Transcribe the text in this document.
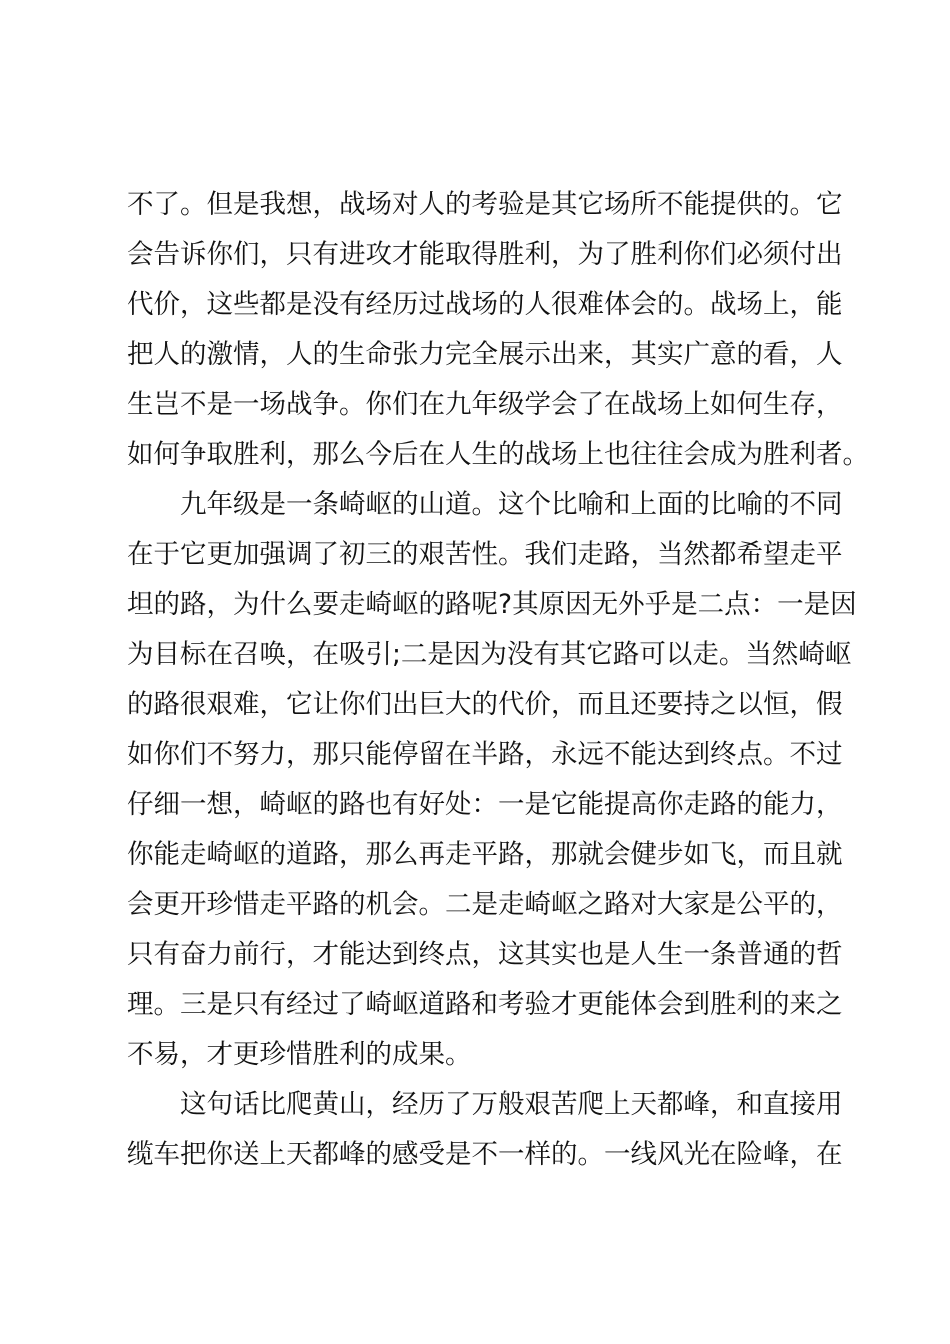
不了。但是我想，战场对人的考验是其它场所不能提供的。它
会告诉你们，只有进攻才能取得胜利，为了胜利你们必须付出
代价，这些都是没有经历过战场的人很难体会的。战场上，能
把人的激情，人的生命张力完全展示出来，其实广意的看，人
生岂不是一场战争。你们在九年级学会了在战场上如何生存，
如何争取胜利，那么今后在人生的战场上也往往会成为胜利者。
九年级是一条崎岖的山道。这个比喻和上面的比喻的不同
在于它更加强调了初三的艰苦性。我们走路，当然都希望走平
坦的路，为什么要走崎岖的路呢?其原因无外乎是二点：一是因
为目标在召唤，在吸引;二是因为没有其它路可以走。当然崎岖
的路很艰难，它让你们出巨大的代价，而且还要持之以恒，假
如你们不努力，那只能停留在半路，永远不能达到终点。不过
仔细一想，崎岖的路也有好处：一是它能提高你走路的能力，
你能走崎岖的道路，那么再走平路，那就会健步如飞，而且就
会更开珍惜走平路的机会。二是走崎岖之路对大家是公平的，
只有奋力前行，才能达到终点，这其实也是人生一条普通的哲
理。三是只有经过了崎岖道路和考验才更能体会到胜利的来之
不易，才更珍惜胜利的成果。
这句话比爬黄山，经历了万般艰苦爬上天都峰，和直接用
缆车把你送上天都峰的感受是不一样的。一线风光在险峰，在
